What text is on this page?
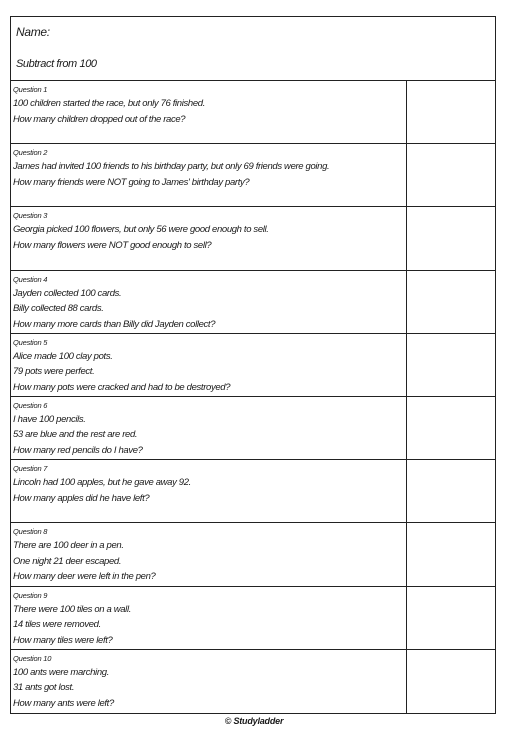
Name:
Subtract from 100
Question 1
100 children started the race, but only 76 finished.
How many children dropped out of the race?
Question 2
James had invited 100 friends to his birthday party, but only 69 friends were going.
How many friends were NOT going to James' birthday party?
Question 3
Georgia picked 100 flowers, but only 56 were good enough to sell.
How many flowers were NOT good enough to sell?
Question 4
Jayden collected 100 cards.
Billy collected 88 cards.
How many more cards than Billy did Jayden collect?
Question 5
Alice made 100 clay pots.
79 pots were perfect.
How many pots were cracked and had to be destroyed?
Question 6
I have 100 pencils.
53 are blue and the rest are red.
How many red pencils do I have?
Question 7
Lincoln had 100 apples, but he gave away 92.
How many apples did he have left?
Question 8
There are 100 deer in a pen.
One night 21 deer escaped.
How many deer were left in the pen?
Question 9
There were 100 tiles on a wall.
14 tiles were removed.
How many tiles were left?
Question 10
100 ants were marching.
31 ants got lost.
How many ants were left?
© Studyladder
